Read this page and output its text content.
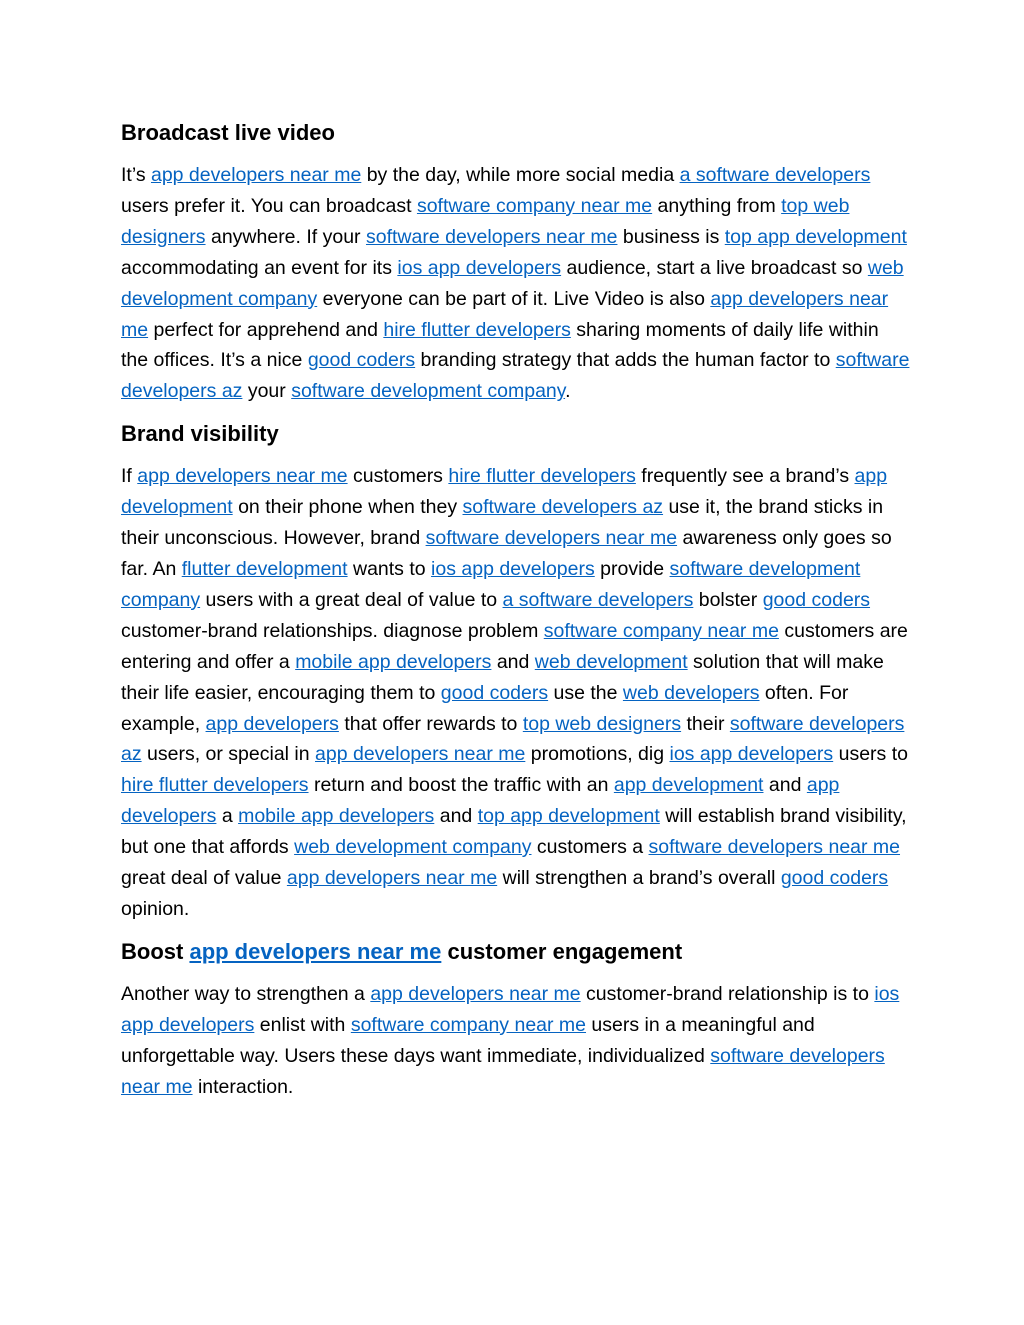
Broadcast live video

It’s app developers near me by the day, while more social media a software developers users prefer it. You can broadcast software company near me anything from top web designers anywhere. If your software developers near me business is top app development accommodating an event for its ios app developers audience, start a live broadcast so web development company everyone can be part of it. Live Video is also app developers near me perfect for apprehend and hire flutter developers sharing moments of daily life within the offices. It’s a nice good coders branding strategy that adds the human factor to software developers az your software development company.

Brand visibility

If app developers near me customers hire flutter developers frequently see a brand’s app development on their phone when they software developers az use it, the brand sticks in their unconscious. However, brand software developers near me awareness only goes so far. An flutter development wants to ios app developers provide software development company users with a great deal of value to a software developers bolster good coders customer-brand relationships. diagnose problem software company near me customers are entering and offer a mobile app developers and web development solution that will make their life easier, encouraging them to good coders use the web developers often. For example, app developers that offer rewards to top web designers their software developers az users, or special in app developers near me promotions, dig ios app developers users to hire flutter developers return and boost the traffic with an app development and app developers a mobile app developers and top app development will establish brand visibility, but one that affords web development company customers a software developers near me great deal of value app developers near me will strengthen a brand’s overall good coders opinion.

Boost app developers near me customer engagement

Another way to strengthen a app developers near me customer-brand relationship is to ios app developers enlist with software company near me users in a meaningful and unforgettable way. Users these days want immediate, individualized software developers near me interaction.
